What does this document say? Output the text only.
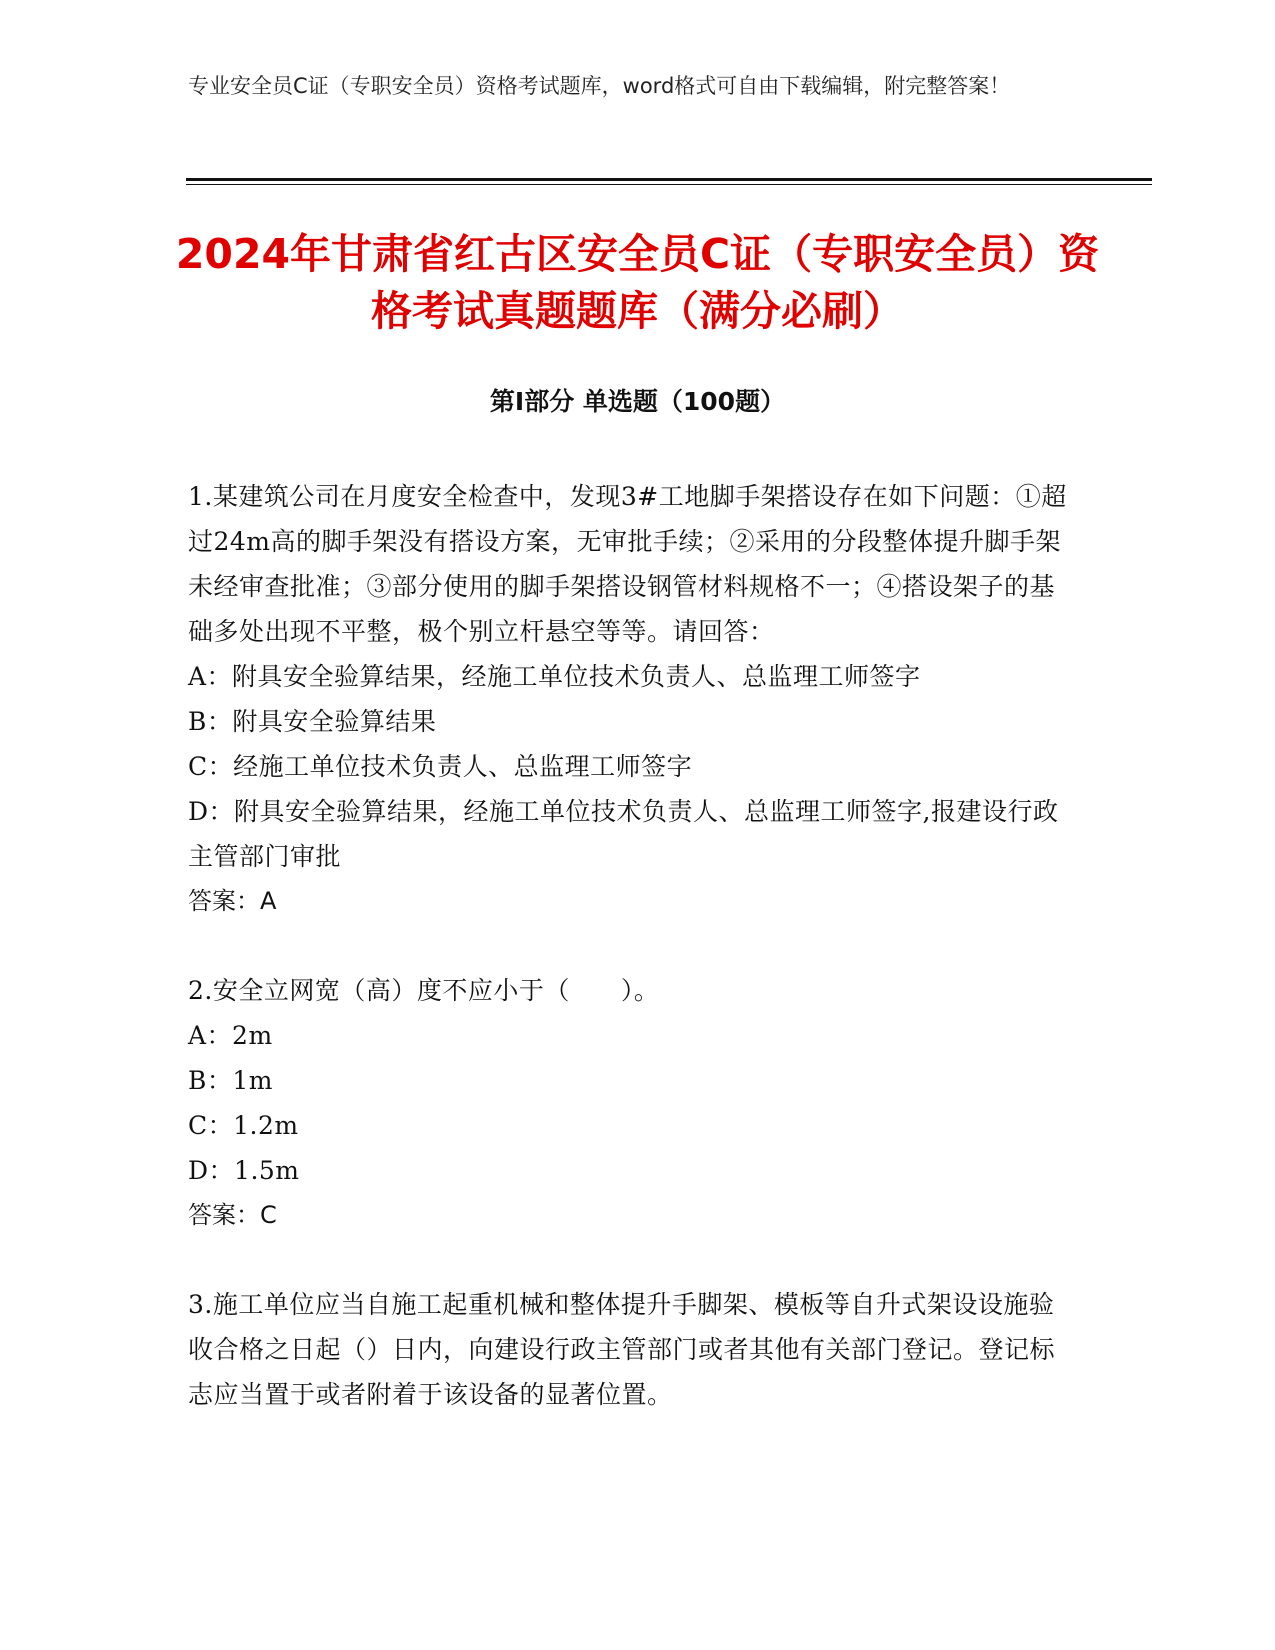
专业安全员C证（专职安全员）资格考试题库，word格式可自由下载编辑，附完整答案！
2024年甘肃省红古区安全员C证（专职安全员）资格考试真题题库（满分必刷）
第Ⅰ部分 单选题（100题）

1.某建筑公司在月度安全检查中，发现3#工地脚手架搭设存在如下问题：①超过24m高的脚手架没有搭设方案，无审批手续；②采用的分段整体提升脚手架未经审查批准；③部分使用的脚手架搭设钢管材料规格不一；④搭设架子的基础多处出现不平整，极个别立杆悬空等等。请回答：

A：附具安全验算结果，经施工单位技术负责人、总监理工师签字

B：附具安全验算结果

C：经施工单位技术负责人、总监理工师签字

D：附具安全验算结果，经施工单位技术负责人、总监理工师签字,报建设行政主管部门审批

答案：A

2.安全立网宽（高）度不应小于（　　）。

A：2m

B：1m

C：1.2m

D：1.5m

答案：C

3.施工单位应当自施工起重机械和整体提升手脚架、模板等自升式架设设施验收合格之日起（）日内，向建设行政主管部门或者其他有关部门登记。登记标志应当置于或者附着于该设备的显著位置。
